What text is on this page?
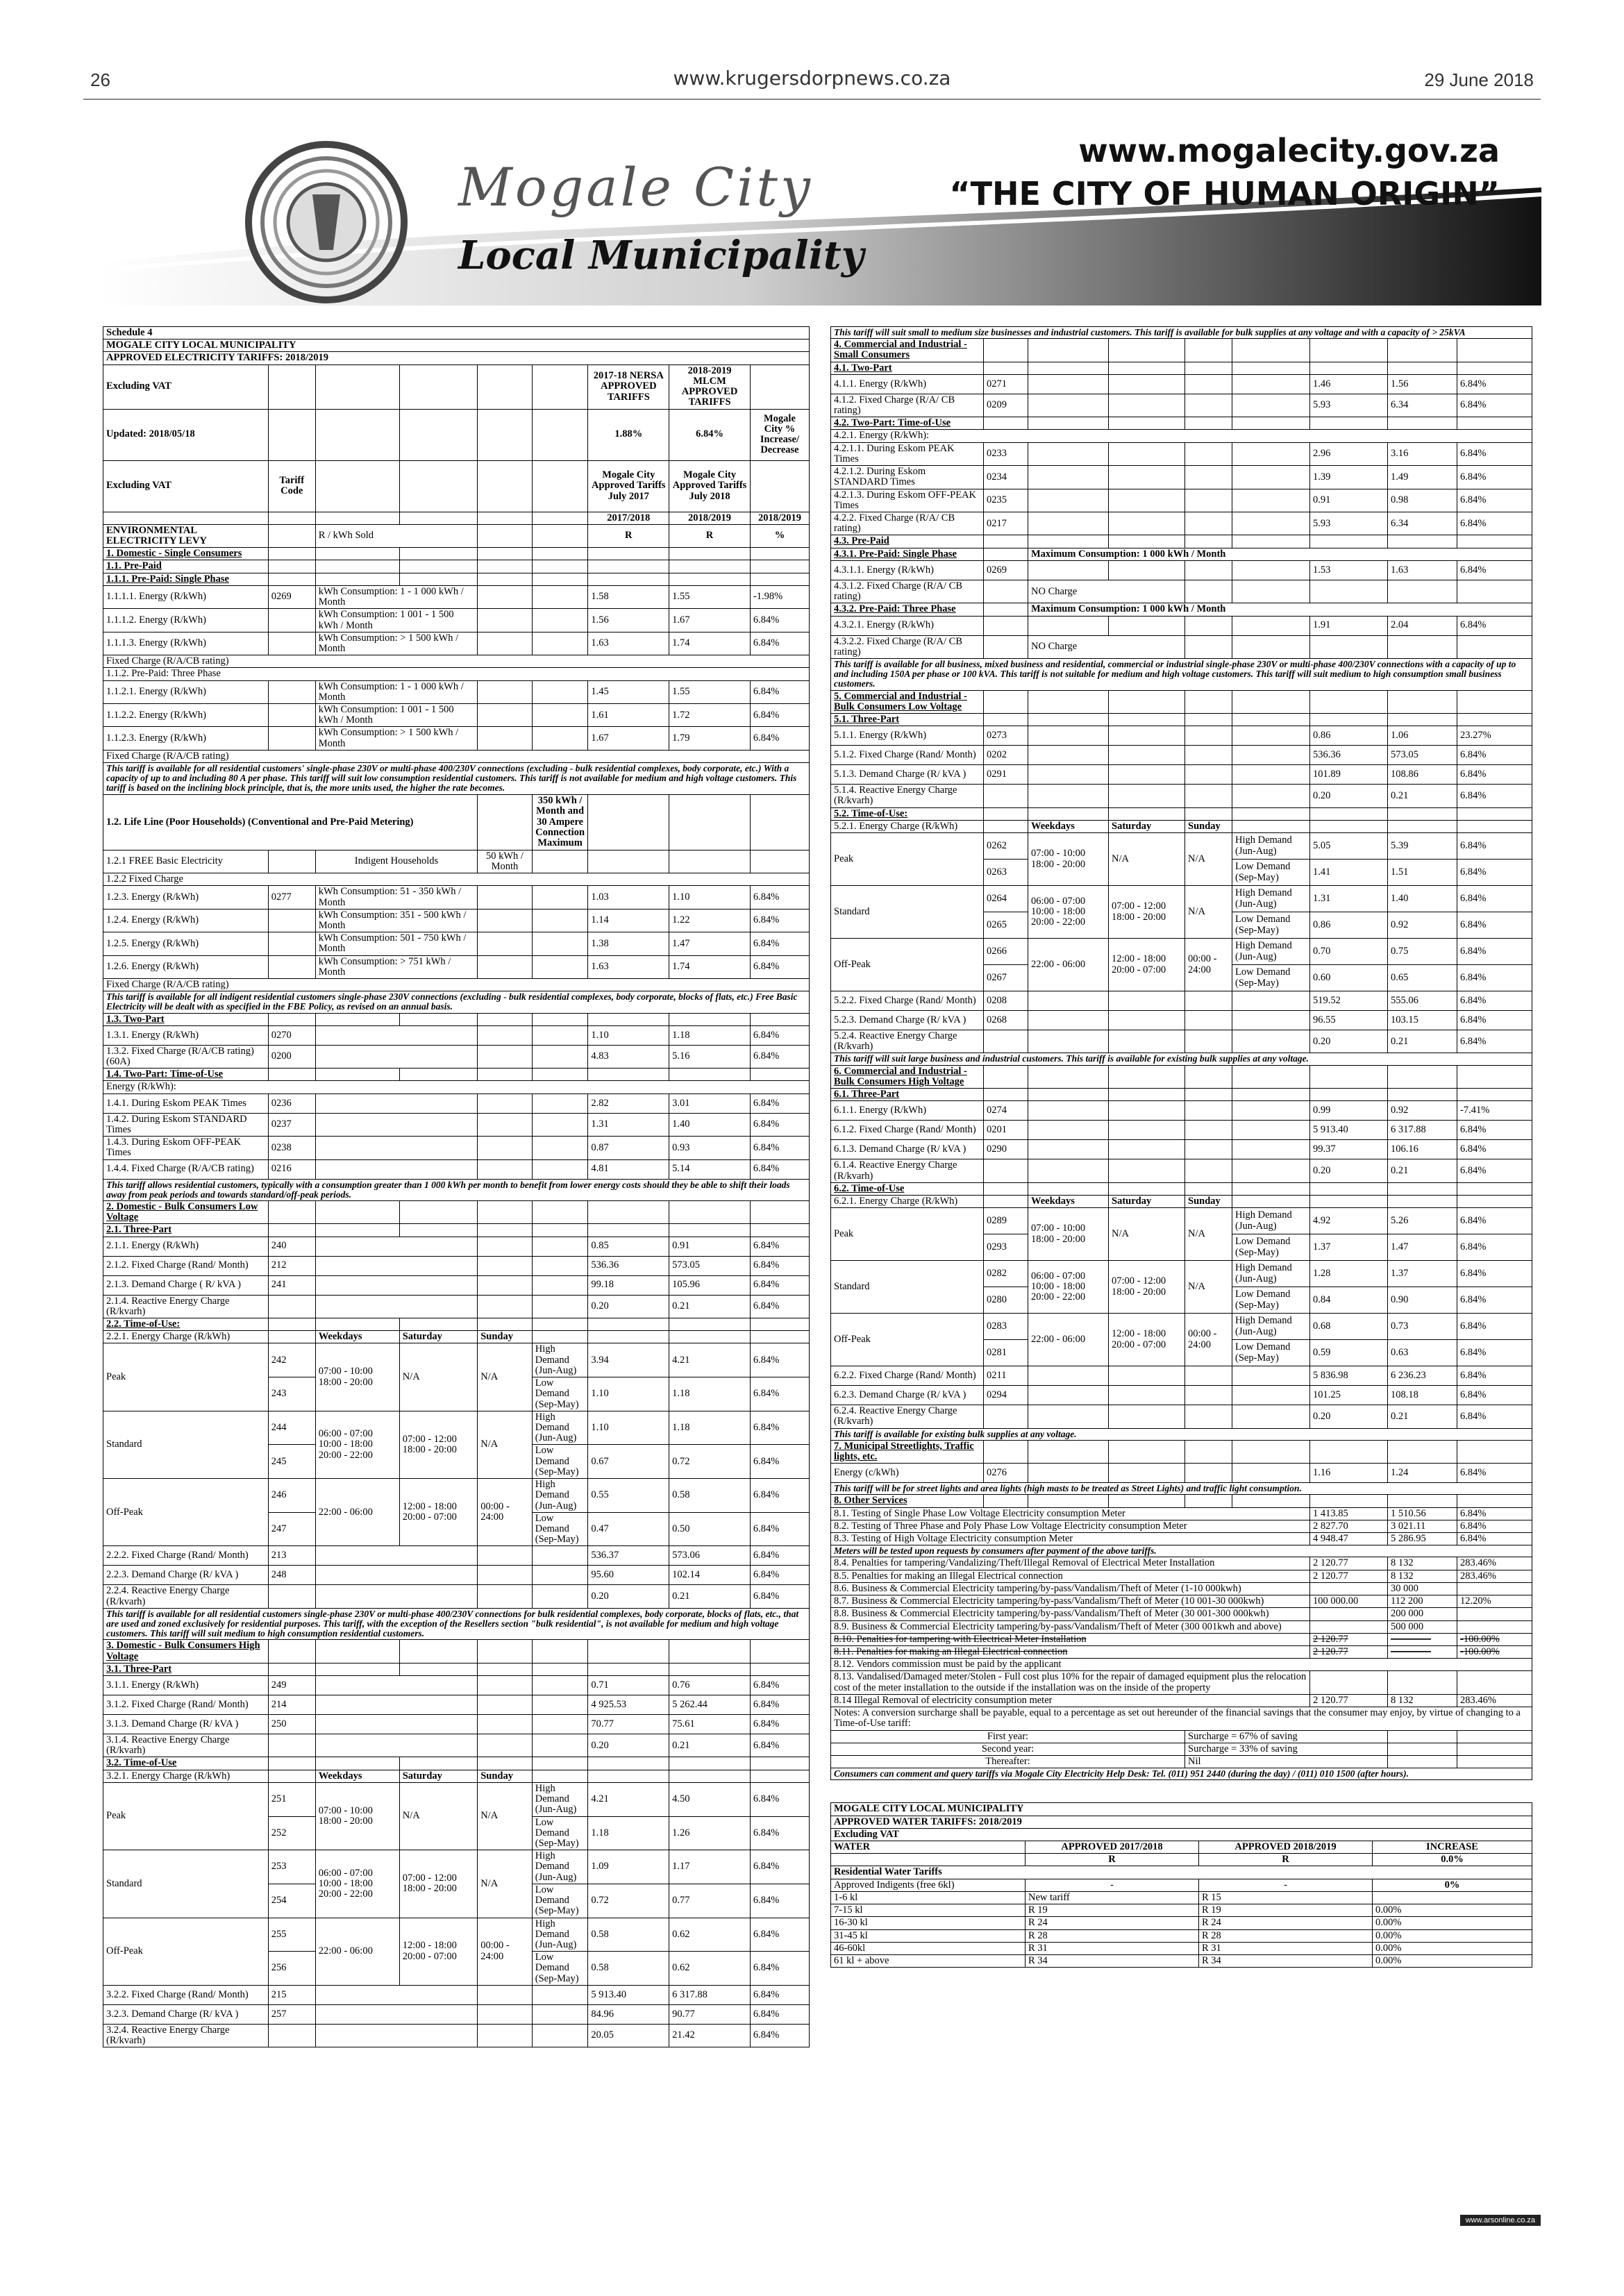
26	www.krugersdorpnews.co.za	29 June 2018
Mogale City
Local Municipality
www.mogalecity.gov.za
“THE CITY OF HUMAN ORIGIN”
Schedule 4								
MOGALE CITY LOCAL MUNICIPALITY								
APPROVED ELECTRICITY TARIFFS: 2018/2019								
Excluding VAT						2017-18 NERSA APPROVED TARIFFS	2018-2019 MLCM APPROVED TARIFFS	
Updated: 2018/05/18						1.88%	6.84%	Mogale City % Increase/ Decrease
Excluding VAT	Tariff Code					Mogale City Approved Tariffs July 2017	Mogale City Approved Tariffs July 2018	
						2017/2018	2018/2019	2018/2019
ENVIRONMENTAL ELECTRICITY LEVY		R / kWh Sold				R	R	%
1. Domestic - Single Consumers								
1.1. Pre-Paid								
1.1.1. Pre-Paid: Single Phase								
1.1.1.1. Energy (R/kWh)	0269	kWh Consumption: 1 - 1 000 kWh / Month				1.58	1.55	-1.98%
1.1.1.2. Energy (R/kWh)		kWh Consumption: 1 001 - 1 500 kWh / Month				1.56	1.67	6.84%
1.1.1.3. Energy (R/kWh)		kWh Consumption: > 1 500 kWh / Month				1.63	1.74	6.84%
Fixed Charge (R/A/CB rating)								
1.1.2. Pre-Paid: Three Phase								
1.1.2.1. Energy (R/kWh)		kWh Consumption: 1 - 1 000 kWh / Month				1.45	1.55	6.84%
1.1.2.2. Energy (R/kWh)		kWh Consumption: 1 001 - 1 500 kWh / Month				1.61	1.72	6.84%
1.1.2.3. Energy (R/kWh)		kWh Consumption: > 1 500 kWh / Month				1.67	1.79	6.84%
Fixed Charge (R/A/CB rating)								
This tariff is available for all residential customers' single-phase 230V or multi-phase 400/230V connections (excluding - bulk residential complexes, body corporate, etc.) With a capacity of up to and including 80 A per phase. This tariff will suit low consumption residential customers. This tariff is not available for medium and high voltage customers. This tariff is based on the inclining block principle, that is, the more units used, the higher the rate becomes.								
1.2. Life Line (Poor Households) (Conventional and Pre-Paid Metering)					350 kWh / Month and 30 Ampere Connection Maximum			
1.2.1 FREE Basic Electricity		Indigent Households		50 kWh / Month				
1.2.2 Fixed Charge								
1.2.3. Energy (R/kWh)	0277	kWh Consumption: 51 - 350 kWh / Month				1.03	1.10	6.84%
1.2.4. Energy (R/kWh)		kWh Consumption: 351 - 500 kWh / Month				1.14	1.22	6.84%
1.2.5. Energy (R/kWh)		kWh Consumption: 501 - 750 kWh / Month				1.38	1.47	6.84%
1.2.6. Energy (R/kWh)		kWh Consumption: > 751 kWh / Month				1.63	1.74	6.84%
Fixed Charge (R/A/CB rating)								
This tariff is available for all indigent residential customers single-phase 230V connections (excluding - bulk residential complexes, body corporate, blocks of flats, etc.) Free Basic Electricity will be dealt with as specified in the FBE Policy, as revised on an annual basis.								
1.3. Two-Part								
1.3.1. Energy (R/kWh)	0270					1.10	1.18	6.84%
1.3.2. Fixed Charge (R/A/CB rating) (60A)	0200					4.83	5.16	6.84%
1.4. Two-Part: Time-of-Use								
Energy (R/kWh):								
1.4.1. During Eskom PEAK Times	0236					2.82	3.01	6.84%
1.4.2. During Eskom STANDARD Times	0237					1.31	1.40	6.84%
1.4.3. During Eskom OFF-PEAK Times	0238					0.87	0.93	6.84%
1.4.4. Fixed Charge (R/A/CB rating)	0216					4.81	5.14	6.84%
This tariff allows residential customers, typically with a consumption greater than 1 000 kWh per month to benefit from lower energy costs should they be able to shift their loads away from peak periods and towards standard/off-peak periods.								
2. Domestic - Bulk Consumers Low Voltage								
2.1. Three-Part								
2.1.1. Energy (R/kWh)	240					0.85	0.91	6.84%
2.1.2. Fixed Charge (Rand/ Month)	212					536.36	573.05	6.84%
2.1.3. Demand Charge ( R/ kVA )	241					99.18	105.96	6.84%
2.1.4. Reactive Energy Charge (R/kvarh)						0.20	0.21	6.84%
2.2. Time-of-Use:								
2.2.1. Energy Charge (R/kWh)		Weekdays	Saturday	Sunday				
Peak	242	07:00 - 10:00 18:00 - 20:00	N/A	N/A	High Demand (Jun-Aug)	3.94	4.21	6.84%
	243				Low Demand (Sep-May)	1.10	1.18	6.84%
Standard	244	06:00 - 07:00 10:00 - 18:00 20:00 - 22:00	07:00 - 12:00 18:00 - 20:00	N/A	High Demand (Jun-Aug)	1.10	1.18	6.84%
	245				Low Demand (Sep-May)	0.67	0.72	6.84%
Off-Peak	246	22:00 - 06:00	12:00 - 18:00 20:00 - 07:00	00:00 - 24:00	High Demand (Jun-Aug)	0.55	0.58	6.84%
	247				Low Demand (Sep-May)	0.47	0.50	6.84%
2.2.2. Fixed Charge (Rand/ Month)	213					536.37	573.06	6.84%
2.2.3. Demand Charge (R/ kVA )	248					95.60	102.14	6.84%
2.2.4. Reactive Energy Charge (R/kvarh)						0.20	0.21	6.84%
This tariff is available for all residential customers single-phase 230V or multi-phase 400/230V connections for bulk residential complexes, body corporate, blocks of flats, etc., that are used and zoned exclusively for residential purposes. This tariff, with the exception of the Resellers section "bulk residential", is not available for medium and high voltage customers. This tariff will suit medium to high consumption residential customers.								
3. Domestic - Bulk Consumers High Voltage								
3.1. Three-Part								
3.1.1. Energy (R/kWh)	249					0.71	0.76	6.84%
3.1.2. Fixed Charge (Rand/ Month)	214					4 925.53	5 262.44	6.84%
3.1.3. Demand Charge (R/ kVA )	250					70.77	75.61	6.84%
3.1.4. Reactive Energy Charge (R/kvarh)						0.20	0.21	6.84%
3.2. Time-of-Use								
3.2.1. Energy Charge (R/kWh)		Weekdays	Saturday	Sunday				
Peak	251	07:00 - 10:00 18:00 - 20:00	N/A	N/A	High Demand (Jun-Aug)	4.21	4.50	6.84%
	252				Low Demand (Sep-May)	1.18	1.26	6.84%
Standard	253	06:00 - 07:00 10:00 - 18:00 20:00 - 22:00	07:00 - 12:00 18:00 - 20:00	N/A	High Demand (Jun-Aug)	1.09	1.17	6.84%
	254				Low Demand (Sep-May)	0.72	0.77	6.84%
Off-Peak	255	22:00 - 06:00	12:00 - 18:00 20:00 - 07:00	00:00 - 24:00	High Demand (Jun-Aug)	0.58	0.62	6.84%
	256				Low Demand (Sep-May)	0.58	0.62	6.84%
3.2.2. Fixed Charge (Rand/ Month)	215					5 913.40	6 317.88	6.84%
3.2.3. Demand Charge (R/ kVA )	257					84.96	90.77	6.84%
3.2.4. Reactive Energy Charge (R/kvarh)						20.05	21.42	6.84%
This tariff will suit small to medium size businesses and industrial customers. This tariff is available for bulk supplies at any voltage and with a capacity of > 25kVA								
4. Commercial and Industrial - Small Consumers								
4.1. Two-Part								
4.1.1. Energy (R/kWh)	0271					1.46	1.56	6.84%
4.1.2. Fixed Charge (R/A/ CB rating)	0209					5.93	6.34	6.84%
4.2. Two-Part: Time-of-Use								
4.2.1. Energy (R/kWh):								
4.2.1.1. During Eskom PEAK Times	0233					2.96	3.16	6.84%
4.2.1.2. During Eskom STANDARD Times	0234					1.39	1.49	6.84%
4.2.1.3. During Eskom OFF-PEAK Times	0235					0.91	0.98	6.84%
4.2.2. Fixed Charge (R/A/ CB rating)	0217					5.93	6.34	6.84%
4.3. Pre-Paid								
4.3.1. Pre-Paid: Single Phase		Maximum Consumption: 1 000 kWh / Month						
4.3.1.1. Energy (R/kWh)	0269					1.53	1.63	6.84%
4.3.1.2. Fixed Charge (R/A/ CB rating)		NO Charge						
4.3.2. Pre-Paid: Three Phase		Maximum Consumption: 1 000 kWh / Month						
4.3.2.1. Energy (R/kWh)						1.91	2.04	6.84%
4.3.2.2. Fixed Charge (R/A/ CB rating)		NO Charge						
This tariff is available for all business, mixed business and residential, commercial or industrial single-phase 230V or multi-phase 400/230V connections with a capacity of up to and including 150A per phase or 100 kVA. This tariff is not suitable for medium and high voltage customers. This tariff will suit medium to high consumption small business customers.								
5. Commercial and Industrial - Bulk Consumers Low Voltage								
5.1. Three-Part								
5.1.1. Energy (R/kWh)	0273					0.86	1.06	23.27%
5.1.2. Fixed Charge (Rand/ Month)	0202					536.36	573.05	6.84%
5.1.3. Demand Charge (R/ kVA )	0291					101.89	108.86	6.84%
5.1.4. Reactive Energy Charge (R/kvarh)						0.20	0.21	6.84%
5.2. Time-of-Use:								
5.2.1. Energy Charge (R/kWh)		Weekdays	Saturday	Sunday				
Peak	0262	07:00 - 10:00 18:00 - 20:00	N/A	N/A	High Demand (Jun-Aug)	5.05	5.39	6.84%
	0263				Low Demand (Sep-May)	1.41	1.51	6.84%
Standard	0264	06:00 - 07:00 10:00 - 18:00 20:00 - 22:00	07:00 - 12:00 18:00 - 20:00	N/A	High Demand (Jun-Aug)	1.31	1.40	6.84%
	0265				Low Demand (Sep-May)	0.86	0.92	6.84%
Off-Peak	0266	22:00 - 06:00	12:00 - 18:00 20:00 - 07:00	00:00 - 24:00	High Demand (Jun-Aug)	0.70	0.75	6.84%
	0267				Low Demand (Sep-May)	0.60	0.65	6.84%
5.2.2. Fixed Charge (Rand/ Month)	0208					519.52	555.06	6.84%
5.2.3. Demand Charge (R/ kVA )	0268					96.55	103.15	6.84%
5.2.4. Reactive Energy Charge (R/kvarh)						0.20	0.21	6.84%
This tariff will suit large business and industrial customers. This tariff is available for existing bulk supplies at any voltage.								
6. Commercial and Industrial - Bulk Consumers High Voltage								
6.1. Three-Part								
6.1.1. Energy (R/kWh)	0274					0.99	0.92	-7.41%
6.1.2. Fixed Charge (Rand/ Month)	0201					5 913.40	6 317.88	6.84%
6.1.3. Demand Charge (R/ kVA )	0290					99.37	106.16	6.84%
6.1.4. Reactive Energy Charge (R/kvarh)						0.20	0.21	6.84%
6.2. Time-of-Use								
6.2.1. Energy Charge (R/kWh)		Weekdays	Saturday	Sunday				
Peak	0289	07:00 - 10:00 18:00 - 20:00	N/A	N/A	High Demand (Jun-Aug)	4.92	5.26	6.84%
	0293				Low Demand (Sep-May)	1.37	1.47	6.84%
Standard	0282	06:00 - 07:00 10:00 - 18:00 20:00 - 22:00	07:00 - 12:00 18:00 - 20:00	N/A	High Demand (Jun-Aug)	1.28	1.37	6.84%
	0280				Low Demand (Sep-May)	0.84	0.90	6.84%
Off-Peak	0283	22:00 - 06:00	12:00 - 18:00 20:00 - 07:00	00:00 - 24:00	High Demand (Jun-Aug)	0.68	0.73	6.84%
	0281				Low Demand (Sep-May)	0.59	0.63	6.84%
6.2.2. Fixed Charge (Rand/ Month)	0211					5 836.98	6 236.23	6.84%
6.2.3. Demand Charge (R/ kVA )	0294					101.25	108.18	6.84%
6.2.4. Reactive Energy Charge (R/kvarh)						0.20	0.21	6.84%
This tariff is available for existing bulk supplies at any voltage.								
7. Municipal Streetlights, Traffic lights, etc.								
Energy (c/kWh)	0276					1.16	1.24	6.84%
This tariff will be for street lights and area lights (high masts to be treated as Street Lights) and traffic light consumption.								
8. Other Services								
8.1. Testing of Single Phase Low Voltage Electricity consumption Meter						1 413.85	1 510.56	6.84%
8.2. Testing of Three Phase and Poly Phase Low Voltage Electricity consumption Meter						2 827.70	3 021.11	6.84%
8.3. Testing of High Voltage Electricity consumption Meter						4 948.47	5 286.95	6.84%
Meters will be tested upon requests by consumers after payment of the above tariffs.								
8.4. Penalties for tampering/Vandalizing/Theft/Illegal Removal of Electrical Meter Installation						2 120.77	8 132	283.46%
8.5. Penalties for making an Illegal Electrical connection						2 120.77	8 132	283.46%
8.6. Business & Commercial Electricity tampering/by-pass/Vandalism/Theft of Meter (1-10 000kwh)							30 000	
8.7. Business & Commercial Electricity tampering/by-pass/Vandalism/Theft of Meter (10 001-30 000kwh)						100 000.00	112 200	12.20%
8.8. Business & Commercial Electricity tampering/by-pass/Vandalism/Theft of Meter (30 001-300 000kwh)							200 000	
8.9. Business & Commercial Electricity tampering/by-pass/Vandalism/Theft of Meter (300 001kwh and above)							500 000	
8.10. Penalties for tampering with Electrical Meter Installation						2 120.77	————	-100.00%
8.11. Penalties for making an Illegal Electrical connection						2 120.77	————	-100.00%
8.12. Vendors commission must be paid by the applicant								
8.13. Vandalised/Damaged meter/Stolen - Full cost plus 10% for the repair of damaged equipment plus the relocation cost of the meter installation to the outside if the installation was on the inside of the property								
8.14 Illegal Removal of electricity consumption meter						2 120.77	8 132	283.46%
Notes: A conversion surcharge shall be payable, equal to a percentage as set out hereunder of the financial savings that the consumer may enjoy, by virtue of changing to a Time-of-Use tariff:								
First year:				Surcharge = 67% of saving				
Second year:				Surcharge = 33% of saving				
Thereafter:				Nil				
Consumers can comment and query tariffs via Mogale City Electricity Help Desk: Tel. (011) 951 2440 (during the day) / (011) 010 1500 (after hours).								
MOGALE CITY LOCAL MUNICIPALITY			
APPROVED WATER TARIFFS: 2018/2019			
Excluding VAT			
WATER	APPROVED 2017/2018	APPROVED 2018/2019	INCREASE
	R	R	0.0%
Residential Water Tariffs			
Approved Indigents (free 6kl)	-	-	0%
1-6 kl	New tariff	R 15	
7-15 kl	R 19	R 19	0.00%
16-30 kl	R 24	R 24	0.00%
31-45 kl	R 28	R 28	0.00%
46-60kl	R 31	R 31	0.00%
61 kl + above	R 34	R 34	0.00%
www.arsonline.co.za
